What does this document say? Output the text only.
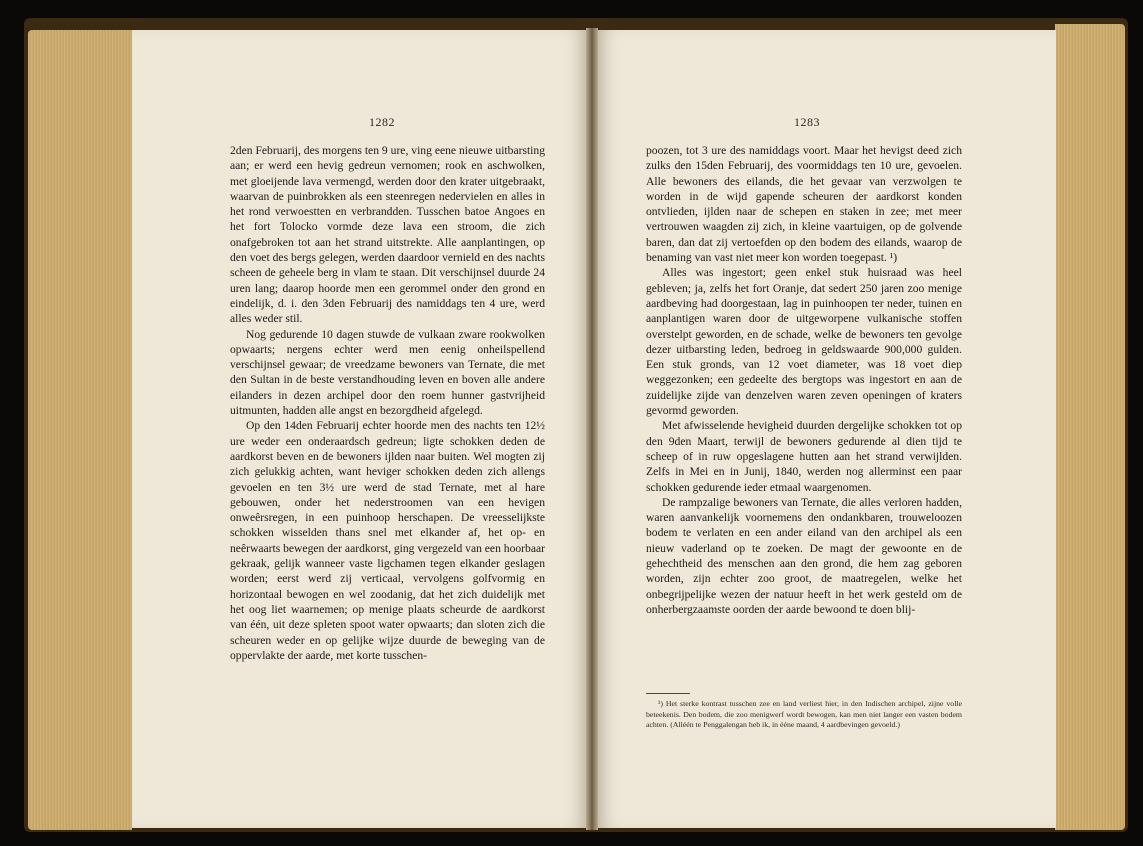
1282

2den Februarij, des morgens ten 9 ure, ving eene nieuwe uitbarsting aan; er werd een hevig gedreun vernomen; rook en aschwolken, met gloeijende lava vermengd, werden door den krater uitgebraakt, waarvan de puinbrokken als een steenregen nedervielen en alles in het rond verwoestten en verbrandden. Tusschen batoe Angoes en het fort Tolocko vormde deze lava een stroom, die zich onafgebroken tot aan het strand uitstrekte. Alle aanplantingen, op den voet des bergs gelegen, werden daardoor vernield en des nachts scheen de geheele berg in vlam te staan. Dit verschijnsel duurde 24 uren lang; daarop hoorde men een gerommel onder den grond en eindelijk, d. i. den 3den Februarij des namiddags ten 4 ure, werd alles weder stil.

Nog gedurende 10 dagen stuwde de vulkaan zware rookwolken opwaarts; nergens echter werd men eenig onheilspellend verschijnsel gewaar; de vreedzame bewoners van Ternate, die met den Sultan in de beste verstandhouding leven en boven alle andere eilanders in dezen archipel door den roem hunner gastvrijheid uitmunten, hadden alle angst en bezorgdheid afgelegd.

Op den 14den Februarij echter hoorde men des nachts ten 12½ ure weder een onderaardsch gedreun; ligte schokken deden de aardkorst beven en de bewoners ijlden naar buiten. Wel mogten zij zich gelukkig achten, want heviger schokken deden zich allengs gevoelen en ten 3½ ure werd de stad Ternate, met al hare gebouwen, onder het nederstroomen van een hevigen onweêrsregen, in een puinhoop herschapen. De vreesselijkste schokken wisselden thans snel met elkander af, het op- en neêrwaarts bewegen der aardkorst, ging vergezeld van een hoorbaar gekraak, gelijk wanneer vaste ligchamen tegen elkander geslagen worden; eerst werd zij verticaal, vervolgens golfvormig en horizontaal bewogen en wel zoodanig, dat het zich duidelijk met het oog liet waarnemen; op menige plaats scheurde de aardkorst van één, uit deze spleten spoot water opwaarts; dan sloten zich die scheuren weder en op gelijke wijze duurde de beweging van de oppervlakte der aarde, met korte tusschen-

1283

poozen, tot 3 ure des namiddags voort. Maar het hevigst deed zich zulks den 15den Februarij, des voormiddags ten 10 ure, gevoelen. Alle bewoners des eilands, die het gevaar van verzwolgen te worden in de wijd gapende scheuren der aardkorst konden ontvlieden, ijlden naar de schepen en staken in zee; met meer vertrouwen waagden zij zich, in kleine vaartuigen, op de golvende baren, dan dat zij vertoefden op den bodem des eilands, waarop de benaming van vast niet meer kon worden toegepast. ¹)

Alles was ingestort; geen enkel stuk huisraad was heel gebleven; ja, zelfs het fort Oranje, dat sedert 250 jaren zoo menige aardbeving had doorgestaan, lag in puinhoopen ter neder, tuinen en aanplantigen waren door de uitgeworpene vulkanische stoffen overstelpt geworden, en de schade, welke de bewoners ten gevolge dezer uitbarsting leden, bedroeg in geldswaarde 900,000 gulden. Een stuk gronds, van 12 voet diameter, was 18 voet diep weggezonken; een gedeelte des bergtops was ingestort en aan de zuidelijke zijde van denzelven waren zeven openingen of kraters gevormd geworden.

Met afwisselende hevigheid duurden dergelijke schokken tot op den 9den Maart, terwijl de bewoners gedurende al dien tijd te scheep of in ruw opgeslagene hutten aan het strand verwijlden. Zelfs in Mei en in Junij, 1840, werden nog allerminst een paar schokken gedurende ieder etmaal waargenomen.

De rampzalige bewoners van Ternate, die alles verloren hadden, waren aanvankelijk voornemens den ondankbaren, trouweloozen bodem te verlaten en een ander eiland van den archipel als een nieuw vaderland op te zoeken. De magt der gewoonte en de gehechtheid des menschen aan den grond, die hem zag geboren worden, zijn echter zoo groot, de maatregelen, welke het onbegrijpelijke wezen der natuur heeft in het werk gesteld om de onherbergzaamste oorden der aarde bewoond te doen blij-

¹) Het sterke kontrast tusschen zee en land verliest hier, in den Indischen archipel, zijne volle beteekenis. Den bodem, die zoo menigwerf wordt bewogen, kan men niet langer een vasten bodem achten. (Alléén te Penggalengan heb ik, in ééne maand, 4 aardbevingen gevoeld.)
